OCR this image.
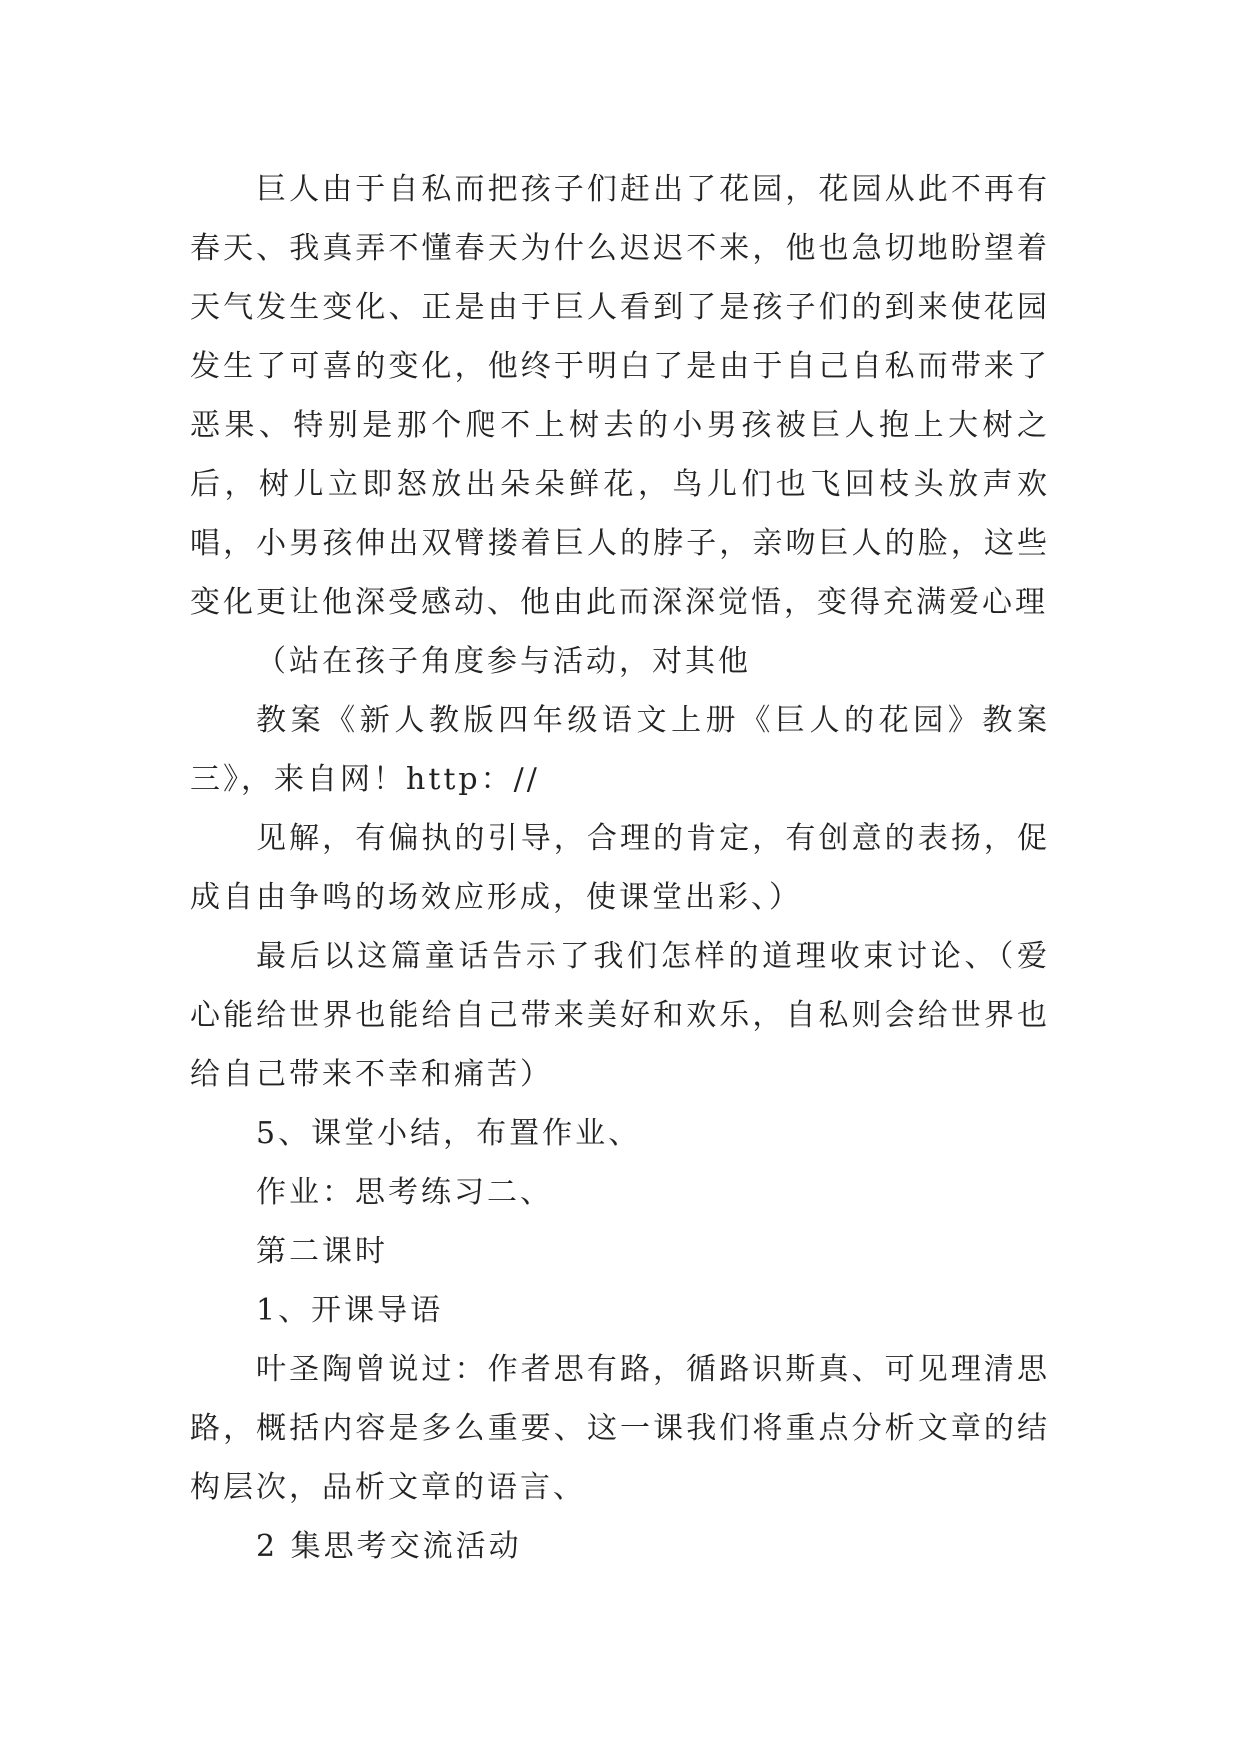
巨人由于自私而把孩子们赶出了花园，花园从此不再有春天、我真弄不懂春天为什么迟迟不来，他也急切地盼望着天气发生变化、正是由于巨人看到了是孩子们的到来使花园发生了可喜的变化，他终于明白了是由于自己自私而带来了恶果、特别是那个爬不上树去的小男孩被巨人抱上大树之后，树儿立即怒放出朵朵鲜花，鸟儿们也飞回枝头放声欢唱，小男孩伸出双臂搂着巨人的脖子，亲吻巨人的脸，这些变化更让他深受感动、他由此而深深觉悟，变得充满爱心理

（站在孩子角度参与活动，对其他

教案《新人教版四年级语文上册《巨人的花园》教案三》，来自网！http：//

见解，有偏执的引导，合理的肯定，有创意的表扬，促成自由争鸣的场效应形成，使课堂出彩、）

最后以这篇童话告示了我们怎样的道理收束讨论、（爱心能给世界也能给自己带来美好和欢乐，自私则会给世界也给自己带来不幸和痛苦）

5、课堂小结，布置作业、

作业：思考练习二、

第二课时

1、开课导语

叶圣陶曾说过：作者思有路，循路识斯真、可见理清思路，概括内容是多么重要、这一课我们将重点分析文章的结构层次，品析文章的语言、

2 集思考交流活动
